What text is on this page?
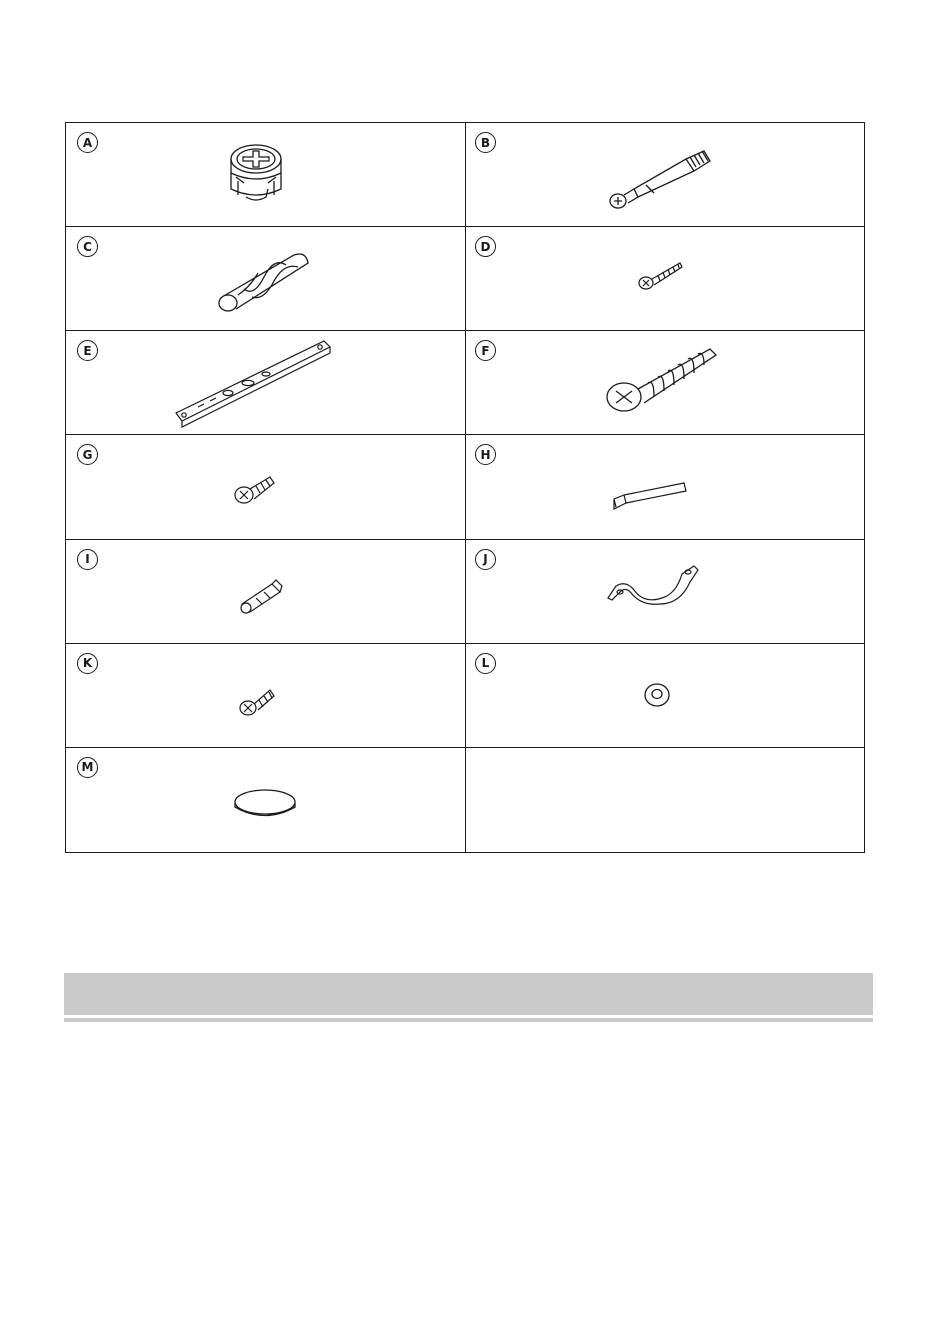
A	B
C	D
E	F
G	H
I	J
K	L
M
